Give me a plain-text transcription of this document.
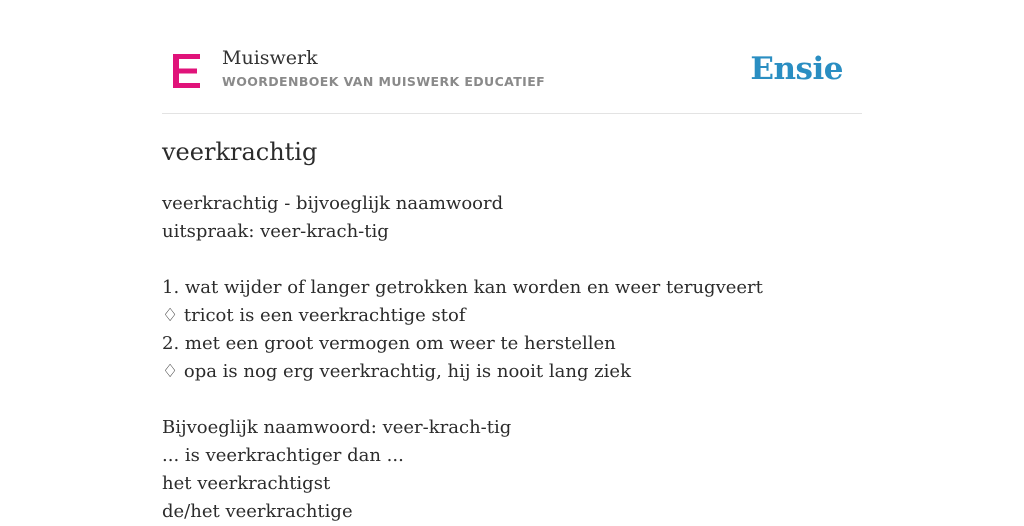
Muiswerk
WOORDENBOEK VAN MUISWERK EDUCATIEF	Ensie
veerkrachtig
veerkrachtig - bijvoeglijk naamwoord
uitspraak: veer-krach-tig
1. wat wijder of langer getrokken kan worden en weer terugveert
♢ tricot is een veerkrachtige stof
2. met een groot vermogen om weer te herstellen
♢ opa is nog erg veerkrachtig, hij is nooit lang ziek
Bijvoeglijk naamwoord: veer-krach-tig
... is veerkrachtiger dan ...
het veerkrachtigst
de/het veerkrachtige
